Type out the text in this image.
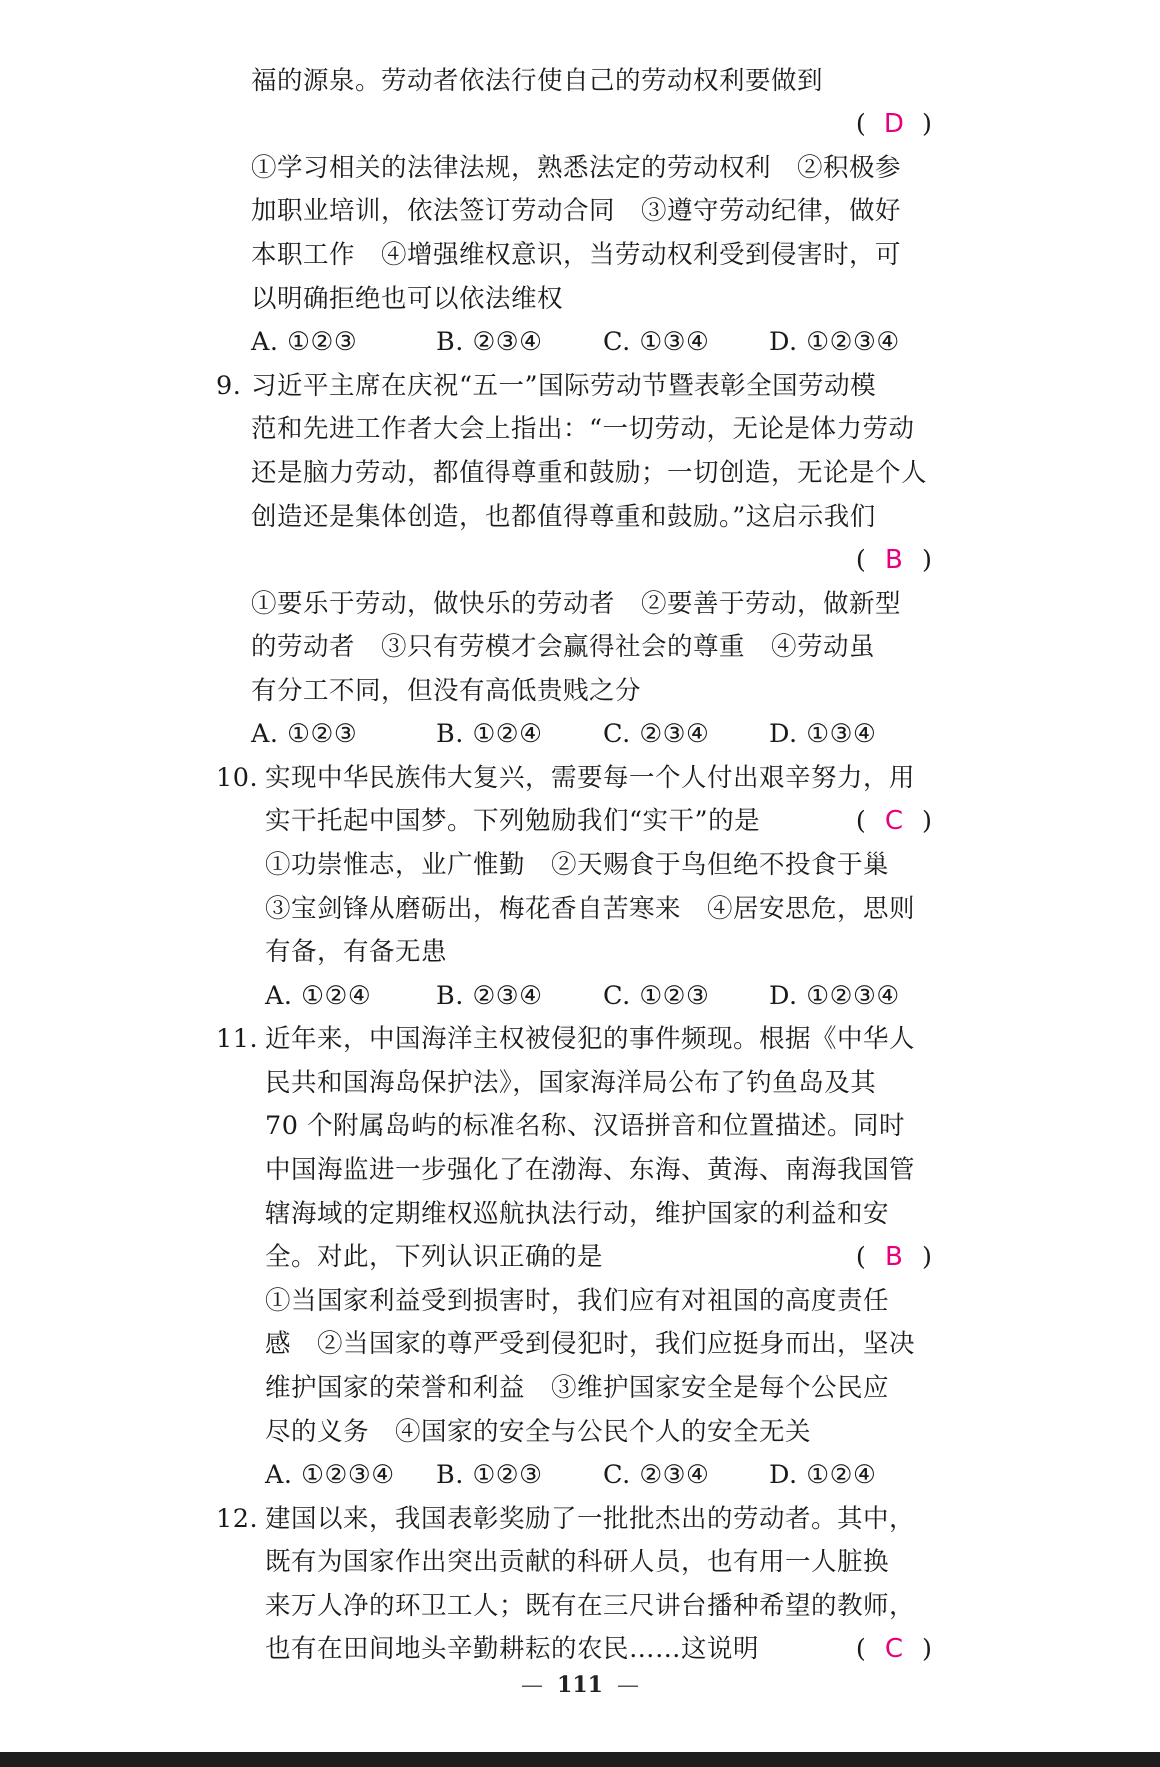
福的源泉。劳动者依法行使自己的劳动权利要做到
( D )
①学习相关的法律法规，熟悉法定的劳动权利　②积极参
加职业培训，依法签订劳动合同　③遵守劳动纪律，做好
本职工作　④增强维权意识，当劳动权利受到侵害时，可
以明确拒绝也可以依法维权
A. ①②③	B. ②③④ C. ①③④ D. ①②③④
9. 习近平主席在庆祝“五一”国际劳动节暨表彰全国劳动模
范和先进工作者大会上指出：“一切劳动，无论是体力劳动
还是脑力劳动，都值得尊重和鼓励；一切创造，无论是个人
创造还是集体创造，也都值得尊重和鼓励。”这启示我们
( B )
①要乐于劳动，做快乐的劳动者　②要善于劳动，做新型
的劳动者　③只有劳模才会赢得社会的尊重　④劳动虽
有分工不同，但没有高低贵贱之分
A. ①②③	B. ①②④ C. ②③④ D. ①③④
10. 实现中华民族伟大复兴，需要每一个人付出艰辛努力，用
实干托起中国梦。下列勉励我们“实干”的是	( C )
①功崇惟志，业广惟勤　②天赐食于鸟但绝不投食于巢
③宝剑锋从磨砺出，梅花香自苦寒来　④居安思危，思则
有备，有备无患
A. ①②④	B. ②③④ C. ①②③ D. ①②③④
11. 近年来，中国海洋主权被侵犯的事件频现。根据《中华人
民共和国海岛保护法》，国家海洋局公布了钓鱼岛及其
70 个附属岛屿的标准名称、汉语拼音和位置描述。同时
中国海监进一步强化了在渤海、东海、黄海、南海我国管
辖海域的定期维权巡航执法行动，维护国家的利益和安
全。对此，下列认识正确的是	( B )
①当国家利益受到损害时，我们应有对祖国的高度责任
感　②当国家的尊严受到侵犯时，我们应挺身而出，坚决
维护国家的荣誉和利益　③维护国家安全是每个公民应
尽的义务　④国家的安全与公民个人的安全无关
A. ①②③④ B. ①②③ C. ②③④ D. ①②④
12. 建国以来，我国表彰奖励了一批批杰出的劳动者。其中，
既有为国家作出突出贡献的科研人员，也有用一人脏换
来万人净的环卫工人；既有在三尺讲台播种希望的教师，
也有在田间地头辛勤耕耘的农民……这说明	( C )
— 111 —
